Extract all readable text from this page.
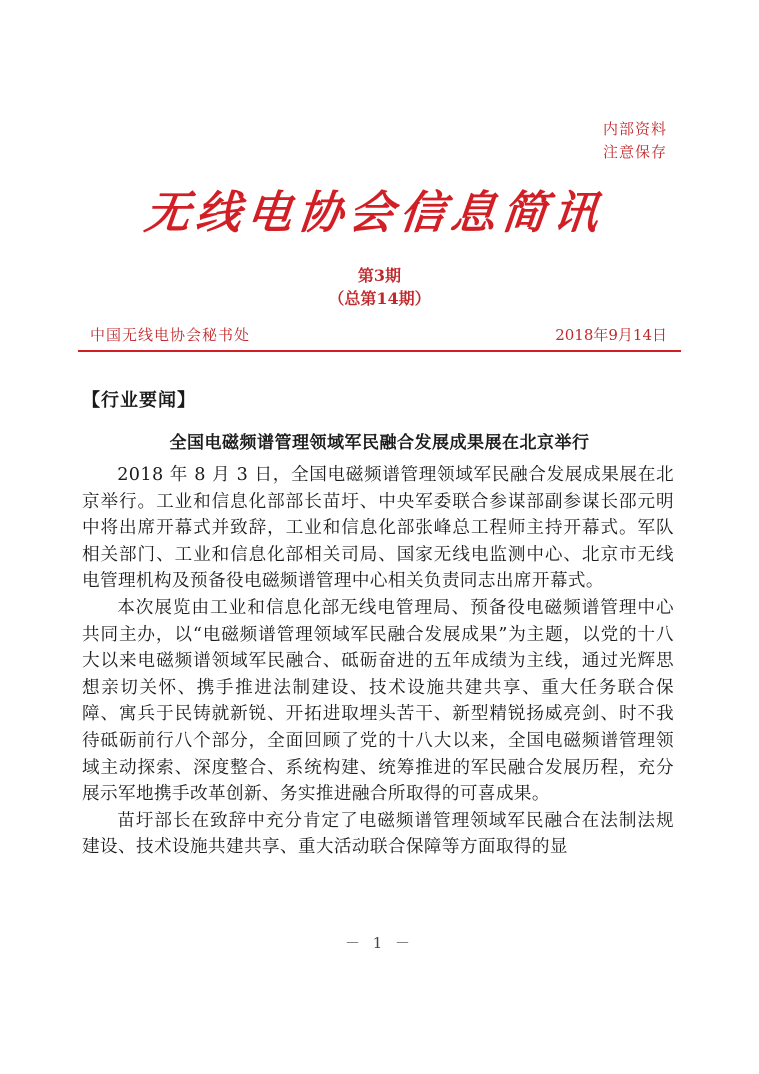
内部资料
注意保存
无线电协会信息简讯
第3期
（总第14期）
中国无线电协会秘书处	2018年9月14日
【行业要闻】
全国电磁频谱管理领域军民融合发展成果展在北京举行

2018 年 8 月 3 日，全国电磁频谱管理领域军民融合发展成果展在北京举行。工业和信息化部部长苗圩、中央军委联合参谋部副参谋长邵元明中将出席开幕式并致辞，工业和信息化部张峰总工程师主持开幕式。军队相关部门、工业和信息化部相关司局、国家无线电监测中心、北京市无线电管理机构及预备役电磁频谱管理中心相关负责同志出席开幕式。

本次展览由工业和信息化部无线电管理局、预备役电磁频谱管理中心共同主办，以“电磁频谱管理领域军民融合发展成果”为主题，以党的十八大以来电磁频谱领域军民融合、砥砺奋进的五年成绩为主线，通过光辉思想亲切关怀、携手推进法制建设、技术设施共建共享、重大任务联合保障、寓兵于民铸就新锐、开拓进取埋头苦干、新型精锐扬威亮剑、时不我待砥砺前行八个部分，全面回顾了党的十八大以来，全国电磁频谱管理领域主动探索、深度整合、系统构建、统筹推进的军民融合发展历程，充分展示军地携手改革创新、务实推进融合所取得的可喜成果。

苗圩部长在致辞中充分肯定了电磁频谱管理领域军民融合在法制法规建设、技术设施共建共享、重大活动联合保障等方面取得的显

－ 1 －
